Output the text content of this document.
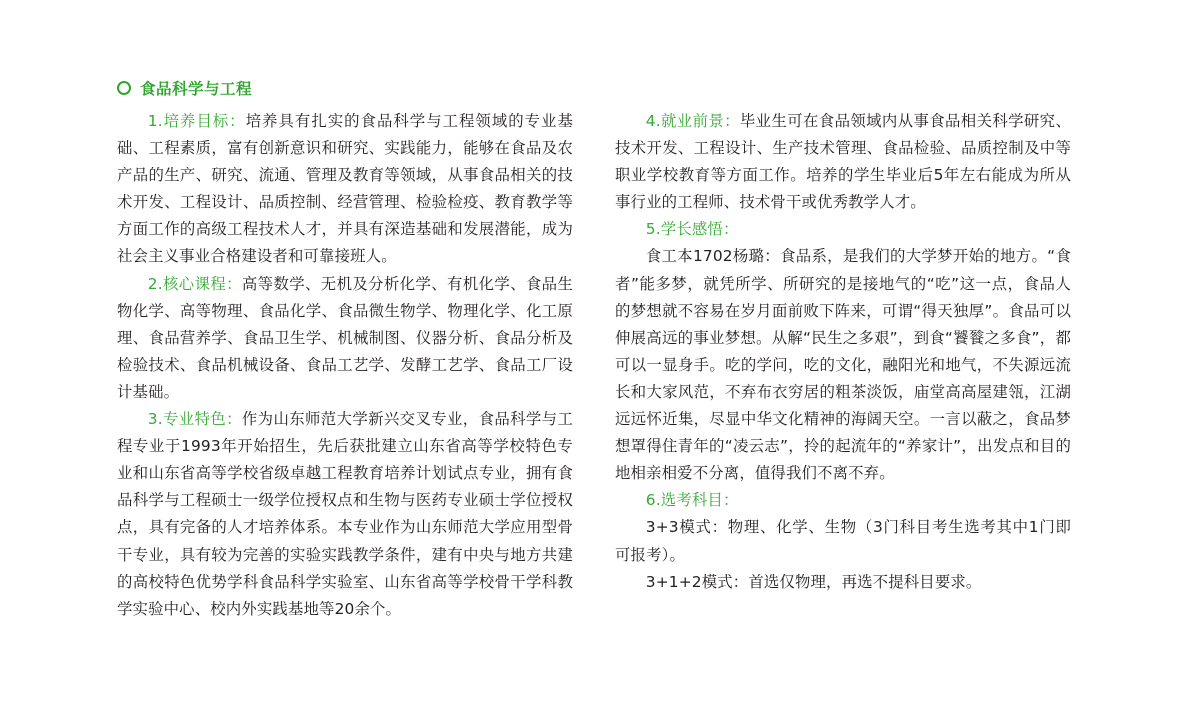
食品科学与工程

1.培养目标：培养具有扎实的食品科学与工程领域的专业基础、工程素质，富有创新意识和研究、实践能力，能够在食品及农产品的生产、研究、流通、管理及教育等领域，从事食品相关的技术开发、工程设计、品质控制、经营管理、检验检疫、教育教学等方面工作的高级工程技术人才，并具有深造基础和发展潜能，成为社会主义事业合格建设者和可靠接班人。

2.核心课程：高等数学、无机及分析化学、有机化学、食品生物化学、高等物理、食品化学、食品微生物学、物理化学、化工原理、食品营养学、食品卫生学、机械制图、仪器分析、食品分析及检验技术、食品机械设备、食品工艺学、发酵工艺学、食品工厂设计基础。

3.专业特色：作为山东师范大学新兴交叉专业，食品科学与工程专业于1993年开始招生，先后获批建立山东省高等学校特色专业和山东省高等学校省级卓越工程教育培养计划试点专业，拥有食品科学与工程硕士一级学位授权点和生物与医药专业硕士学位授权点，具有完备的人才培养体系。本专业作为山东师范大学应用型骨干专业，具有较为完善的实验实践教学条件，建有中央与地方共建的高校特色优势学科食品科学实验室、山东省高等学校骨干学科教学实验中心、校内外实践基地等20余个。

4.就业前景：毕业生可在食品领域内从事食品相关科学研究、技术开发、工程设计、生产技术管理、食品检验、品质控制及中等职业学校教育等方面工作。培养的学生毕业后5年左右能成为所从事行业的工程师、技术骨干或优秀教学人才。

5.学长感悟：

食工本1702杨璐：食品系，是我们的大学梦开始的地方。“食者”能多梦，就凭所学、所研究的是接地气的“吃”这一点，食品人的梦想就不容易在岁月面前败下阵来，可谓“得天独厚”。食品可以伸展高远的事业梦想。从解“民生之多艰”，到食“饕餮之多食”，都可以一显身手。吃的学问，吃的文化，融阳光和地气，不失源远流长和大家风范，不弃布衣穷居的粗茶淡饭，庙堂高高屋建瓴，江湖远远怀近集，尽显中华文化精神的海阔天空。一言以蔽之，食品梦想罩得住青年的“凌云志”，拎的起流年的“养家计”，出发点和目的地相亲相爱不分离，值得我们不离不弃。

6.选考科目：

3+3模式：物理、化学、生物（3门科目考生选考其中1门即可报考）。

3+1+2模式：首选仅物理，再选不提科目要求。
